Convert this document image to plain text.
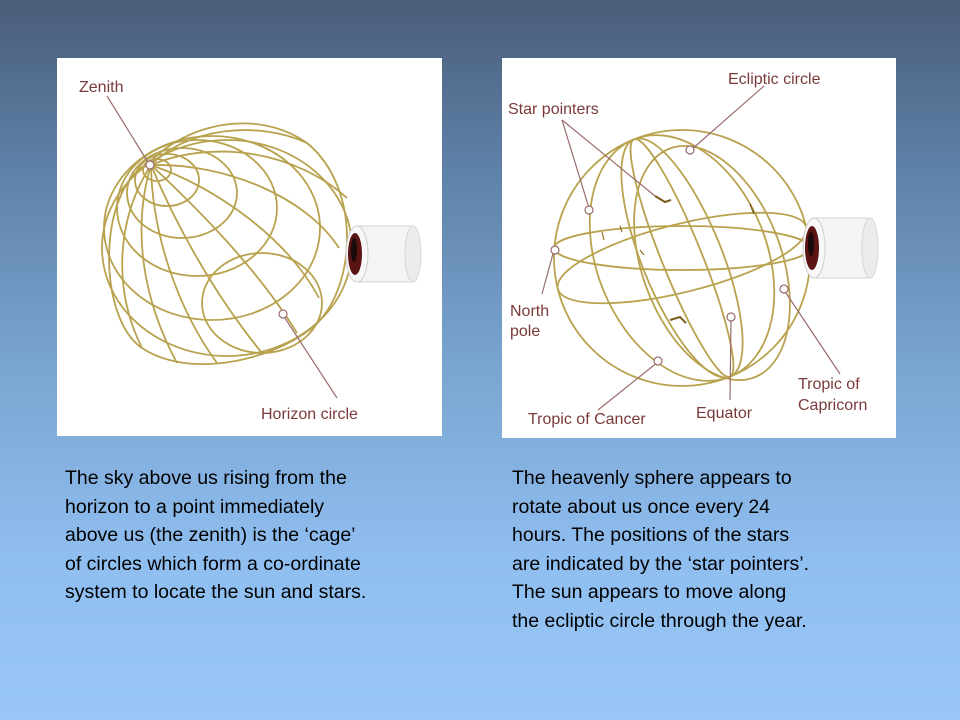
Zenith
Horizon circle
Ecliptic circle
Star pointers
North
pole
Tropic of Cancer	Equator
Tropic of
Capricorn
The sky above us rising from the
horizon to a point immediately
above us (the zenith) is the ‘cage’
of circles which form a co-ordinate
system to locate the sun and stars.
The heavenly sphere appears to
rotate about us once every 24
hours. The positions of the stars
are indicated by the ‘star pointers’.
The sun appears to move along
the ecliptic circle through the year.
